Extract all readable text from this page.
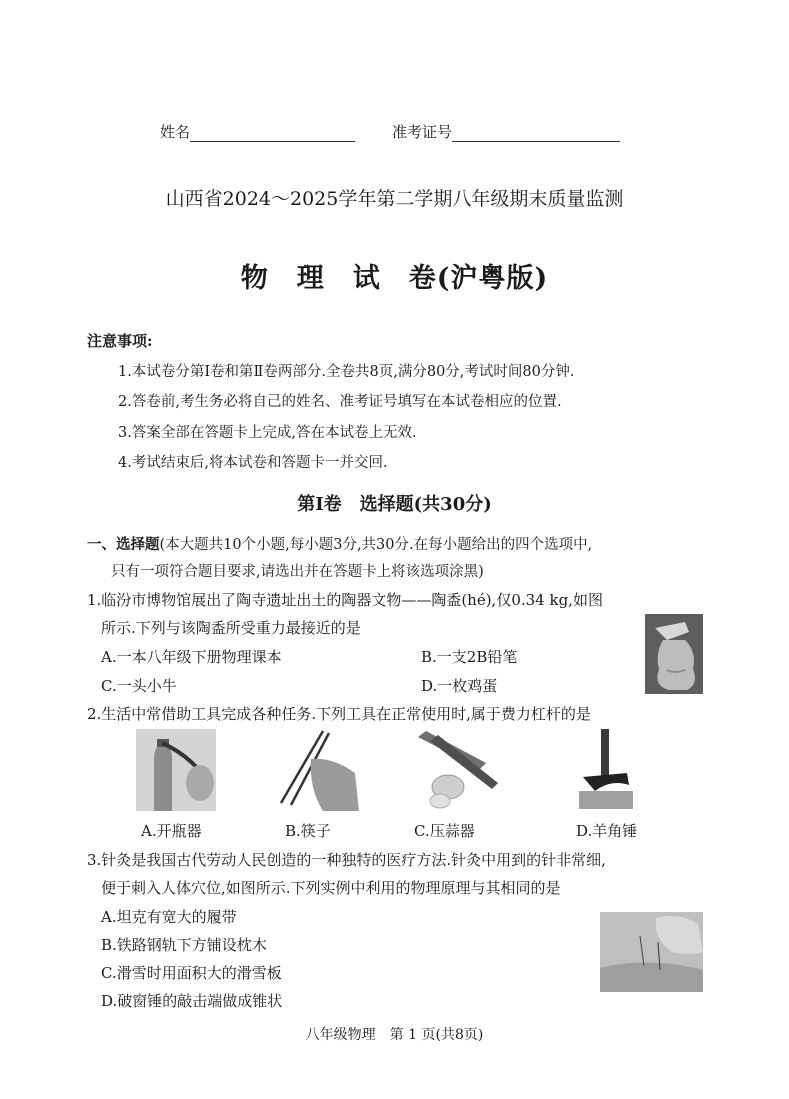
姓名	准考证号
山西省2024～2025学年第二学期八年级期末质量监测
物　理　试　卷(沪粤版)
注意事项:
1.本试卷分第Ⅰ卷和第Ⅱ卷两部分.全卷共8页,满分80分,考试时间80分钟.
2.答卷前,考生务必将自己的姓名、准考证号填写在本试卷相应的位置.
3.答案全部在答题卡上完成,答在本试卷上无效.
4.考试结束后,将本试卷和答题卡一并交回.
第Ⅰ卷　选择题(共30分)
一、选择题(本大题共10个小题,每小题3分,共30分.在每小题给出的四个选项中,
只有一项符合题目要求,请选出并在答题卡上将该选项涂黑)
1.临汾市博物馆展出了陶寺遗址出土的陶器文物——陶盉(hé),仅0.34 kg,如图
所示.下列与该陶盉所受重力最接近的是
A.一本八年级下册物理课本	B.一支2B铅笔
C.一头小牛	D.一枚鸡蛋
2.生活中常借助工具完成各种任务.下列工具在正常使用时,属于费力杠杆的是
A.开瓶器	B.筷子	C.压蒜器	D.羊角锤
3.针灸是我国古代劳动人民创造的一种独特的医疗方法.针灸中用到的针非常细,
便于刺入人体穴位,如图所示.下列实例中利用的物理原理与其相同的是
A.坦克有宽大的履带
B.铁路钢轨下方铺设枕木
C.滑雪时用面积大的滑雪板
D.破窗锤的敲击端做成锥状
八年级物理　第 1 页(共8页)
